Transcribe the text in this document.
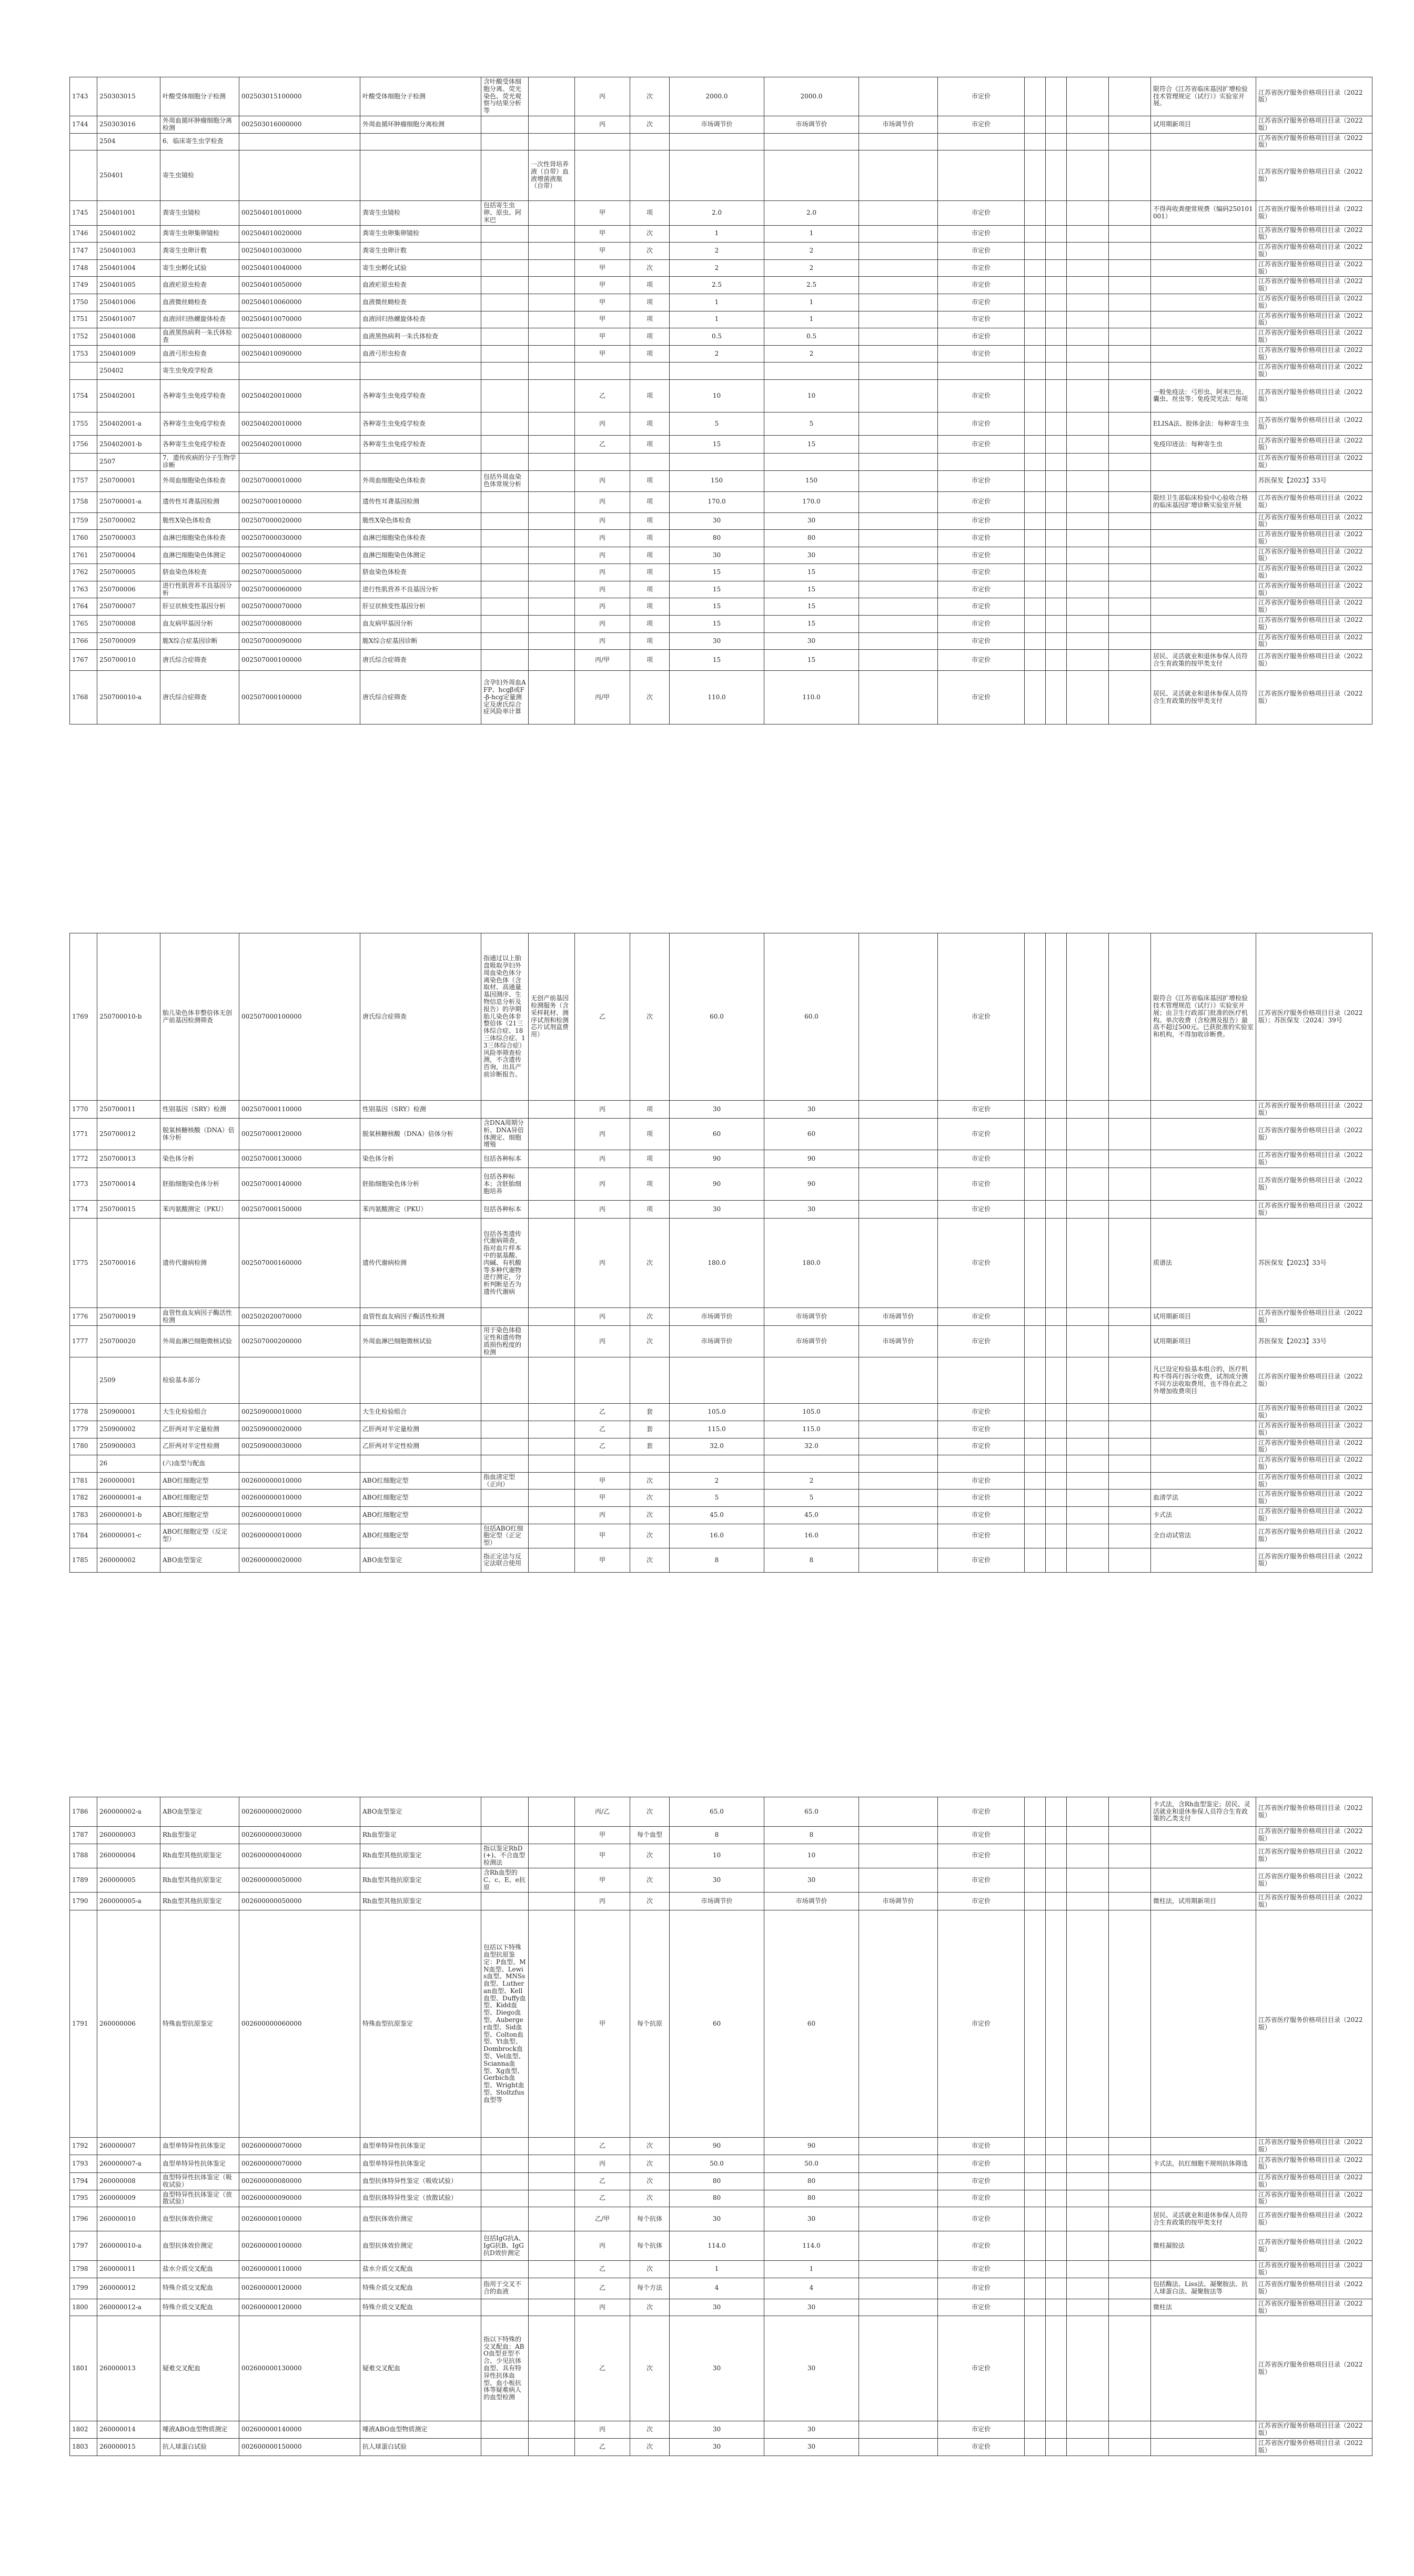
1743	250303015	叶酸受体细胞分子检测	002503015100000	叶酸受体细胞分子检测	含叶酸受体细胞分离、荧光染色、荧光观察与结果分析等		丙	次	2000.0	2000.0		市定价					限符合《江苏省临床基因扩增检验技术管理规定（试行）》实验室开展。	江苏省医疗服务价格项目目录（2022版）
1744	250303016	外周血循环肿瘤细胞分离检测	002503016000000	外周血循环肿瘤细胞分离检测			丙	次	市场调节价	市场调节价	市场调节价	市定价					试用期新项目	江苏省医疗服务价格项目目录（2022版）
	2504	6．临床寄生虫学检查																江苏省医疗服务价格项目目录（2022版）
	250401	寄生虫镜检				一次性肾培养液（自带）血液增菌液瓶（自带）												江苏省医疗服务价格项目目录（2022版）
1745	250401001	粪寄生虫镜检	002504010010000	粪寄生虫镜检	包括寄生虫卵、原虫、阿米巴		甲	项	2.0	2.0		市定价					不得再收粪便常规费（编码250101001）	江苏省医疗服务价格项目目录（2022版）
1746	250401002	粪寄生虫卵集卵镜检	002504010020000	粪寄生虫卵集卵镜检			甲	次	1	1		市定价						江苏省医疗服务价格项目目录（2022版）
1747	250401003	粪寄生虫卵计数	002504010030000	粪寄生虫卵计数			甲	次	2	2		市定价						江苏省医疗服务价格项目目录（2022版）
1748	250401004	寄生虫孵化试验	002504010040000	寄生虫孵化试验			甲	次	2	2		市定价						江苏省医疗服务价格项目目录（2022版）
1749	250401005	血液疟原虫检查	002504010050000	血液疟原虫检查			甲	项	2.5	2.5		市定价						江苏省医疗服务价格项目目录（2022版）
1750	250401006	血液微丝蚴检查	002504010060000	血液微丝蚴检查			甲	项	1	1		市定价						江苏省医疗服务价格项目目录（2022版）
1751	250401007	血液回归热螺旋体检查	002504010070000	血液回归热螺旋体检查			甲	项	1	1		市定价						江苏省医疗服务价格项目目录（2022版）
1752	250401008	血液黑热病利一朱氏体检查	002504010080000	血液黑热病利一朱氏体检查			甲	项	0.5	0.5		市定价						江苏省医疗服务价格项目目录（2022版）
1753	250401009	血液弓形虫检查	002504010090000	血液弓形虫检查			甲	项	2	2		市定价						江苏省医疗服务价格项目目录（2022版）
	250402	寄生虫免疫学检查																江苏省医疗服务价格项目目录（2022版）
1754	250402001	各种寄生虫免疫学检查	002504020010000	各种寄生虫免疫学检查			乙	项	10	10		市定价					一般免疫法：弓形虫、阿米巴虫、囊虫、丝虫等；免疫荧光法：每项	江苏省医疗服务价格项目目录（2022版）
1755	250402001-a	各种寄生虫免疫学检查	002504020010000	各种寄生虫免疫学检查			丙	项	5	5		市定价					ELISA法、胶体金法：每种寄生虫	江苏省医疗服务价格项目目录（2022版）
1756	250402001-b	各种寄生虫免疫学检查	002504020010000	各种寄生虫免疫学检查			乙	项	15	15		市定价					免疫印迹法：每种寄生虫	江苏省医疗服务价格项目目录（2022版）
	2507	7．遗传疾病的分子生物学诊断																江苏省医疗服务价格项目目录（2022版）
1757	250700001	外周血细胞染色体检查	002507000010000	外周血细胞染色体检查	包括外周血染色体常规分析		丙	项	150	150		市定价						苏医保发【2023】33号
1758	250700001-a	遗传性耳聋基因检测	002507000100000	遗传性耳聋基因检测			丙	项	170.0	170.0		市定价					限经卫生部临床检验中心验收合格的临床基因扩增诊断实验室开展	江苏省医疗服务价格项目目录（2022版）
1759	250700002	脆性X染色体检查	002507000020000	脆性X染色体检查			丙	项	30	30		市定价						江苏省医疗服务价格项目目录（2022版）
1760	250700003	血淋巴细胞染色体检查	002507000030000	血淋巴细胞染色体检查			丙	项	80	80		市定价						江苏省医疗服务价格项目目录（2022版）
1761	250700004	血淋巴细胞染色体测定	002507000040000	血淋巴细胞染色体测定			丙	项	30	30		市定价						江苏省医疗服务价格项目目录（2022版）
1762	250700005	脐血染色体检查	002507000050000	脐血染色体检查			丙	项	15	15		市定价						江苏省医疗服务价格项目目录（2022版）
1763	250700006	进行性肌营养不良基因分析	002507000060000	进行性肌营养不良基因分析			丙	项	15	15		市定价						江苏省医疗服务价格项目目录（2022版）
1764	250700007	肝豆状核变性基因分析	002507000070000	肝豆状核变性基因分析			丙	项	15	15		市定价						江苏省医疗服务价格项目目录（2022版）
1765	250700008	血友病甲基因分析	002507000080000	血友病甲基因分析			丙	项	15	15		市定价						江苏省医疗服务价格项目目录（2022版）
1766	250700009	脆X综合症基因诊断	002507000090000	脆X综合症基因诊断			丙	项	30	30		市定价						江苏省医疗服务价格项目目录（2022版）
1767	250700010	唐氏综合症筛查	002507000100000	唐氏综合症筛查			丙/甲	项	15	15		市定价					居民、灵活就业和退休参保人员符合生育政策的按甲类支付	江苏省医疗服务价格项目目录（2022版）
1768	250700010-a	唐氏综合症筛查	002507000100000	唐氏综合症筛查	含孕妇外周血AFP、hcgβ或F-β-hcg定量测定及唐氏综合症风险率计算		丙/甲	次	110.0	110.0		市定价					居民、灵活就业和退休参保人员符合生育政策的按甲类支付	江苏省医疗服务价格项目目录（2022版）
1769	250700010-b	胎儿染色体非整倍体无创产前基因检测筛查	002507000100000	唐氏综合症筛查	指通过以上胎盘吸取孕妇外周血染色体分离染色体（含取材、高通量基因测序、生物信息分析及报告）的孕期胎儿染色体非整倍体（21三体综合症、18三体综合症、13三体综合症）风险率筛查检测，不含遗传咨询，出具产前诊断报告。	无创产前基因检测服务（含采样耗材、测序试剂和检测芯片试剂盒费用）	乙	次	60.0	60.0		市定价					限符合《江苏省临床基因扩增检验技术管理规范（试行）》实验室开展；由卫生行政部门批准的医疗机构。单次收费（含检测及报告）最高不超过500元。已获批准的实验室和机构，不得加收诊断费。	江苏省医疗服务价格项目目录（2022版）；苏医保发〔2024〕39号
1770	250700011	性别基因（SRY）检测	002507000110000	性别基因（SRY）检测			丙	项	30	30		市定价						江苏省医疗服务价格项目目录（2022版）
1771	250700012	脱氧核糖核酸（DNA）倍体分析	002507000120000	脱氧核糖核酸（DNA）倍体分析	含DNA周期分析、DNA异倍体测定、细胞增殖		丙	项	60	60		市定价						江苏省医疗服务价格项目目录（2022版）
1772	250700013	染色体分析	002507000130000	染色体分析	包括各种标本		丙	项	90	90		市定价						江苏省医疗服务价格项目目录（2022版）
1773	250700014	胚胎细胞染色体分析	002507000140000	胚胎细胞染色体分析	包括各种标本；含胚胎细胞培养		丙	项	90	90		市定价						江苏省医疗服务价格项目目录（2022版）
1774	250700015	苯丙氨酸测定（PKU）	002507000150000	苯丙氨酸测定（PKU）	包括各种标本		丙	项	30	30		市定价						江苏省医疗服务价格项目目录（2022版）
1775	250700016	遗传代谢病检测	002507000160000	遗传代谢病检测	包括各类遗传代谢病筛查，指对血片样本中的氨基酸、肉碱、有机酸等多种代谢物进行测定，分析判断是否为遗传代谢病		丙	次	180.0	180.0		市定价					质谱法	苏医保发【2023】33号
1776	250700019	血管性血友病因子酶活性检测	002502020070000	血管性血友病因子酶活性检测			丙	次	市场调节价	市场调节价	市场调节价	市定价					试用期新项目	江苏省医疗服务价格项目目录（2022版）
1777	250700020	外周血淋巴细胞微核试验	002507000200000	外周血淋巴细胞微核试验	用于染色体稳定性和遗传物质损伤程度的检测		丙	次	市场调节价	市场调节价	市场调节价	市定价					试用期新项目	苏医保发【2023】33号
	2509	检验基本部分															凡已设定检验基本组合的，医疗机构不得再行拆分收费，试剂成分测不同方法收取费用，也不得在此之外增加收费项目	江苏省医疗服务价格项目目录（2022版）
1778	250900001	大生化检验组合	002509000010000	大生化检验组合			乙	套	105.0	105.0		市定价						江苏省医疗服务价格项目目录（2022版）
1779	250900002	乙肝两对半定量检测	002509000020000	乙肝两对半定量检测			乙	套	115.0	115.0		市定价						江苏省医疗服务价格项目目录（2022版）
1780	250900003	乙肝两对半定性检测	002509000030000	乙肝两对半定性检测			乙	套	32.0	32.0		市定价						江苏省医疗服务价格项目目录（2022版）
	26	(六)血型与配血																江苏省医疗服务价格项目目录（2022版）
1781	260000001	ABO红细胞定型	002600000010000	ABO红细胞定型	指血清定型（正向）		甲	次	2	2		市定价						江苏省医疗服务价格项目目录（2022版）
1782	260000001-a	ABO红细胞定型	002600000010000	ABO红细胞定型			甲	次	5	5		市定价					血清学法	江苏省医疗服务价格项目目录（2022版）
1783	260000001-b	ABO红细胞定型	002600000010000	ABO红细胞定型			丙	次	45.0	45.0		市定价					卡式法	江苏省医疗服务价格项目目录（2022版）
1784	260000001-c	ABO红细胞定型（反定型）	002600000010000	ABO红细胞定型	包括ABO红细胞定型（正定型）		甲	次	16.0	16.0		市定价					全自动试管法	江苏省医疗服务价格项目目录（2022版）
1785	260000002	ABO血型鉴定	002600000020000	ABO血型鉴定	指正定法与反定法联合使用		甲	次	8	8		市定价						江苏省医疗服务价格项目目录（2022版）
1786	260000002-a	ABO血型鉴定	002600000020000	ABO血型鉴定			丙/乙	次	65.0	65.0		市定价					卡式法，含Rh血型鉴定；居民、灵活就业和退休参保人员符合生育政策的乙类支付	江苏省医疗服务价格项目目录（2022版）
1787	260000003	Rh血型鉴定	002600000030000	Rh血型鉴定			甲	每个血型	8	8		市定价						江苏省医疗服务价格项目目录（2022版）
1788	260000004	Rh血型其他抗原鉴定	002600000040000	Rh血型其他抗原鉴定	指以鉴定RhD(+)、不合血型检测法		甲	次	10	10		市定价						江苏省医疗服务价格项目目录（2022版）
1789	260000005	Rh血型其他抗原鉴定	002600000050000	Rh血型其他抗原鉴定	含Rh血型的C、c、E、e抗原		甲	次	30	30		市定价						江苏省医疗服务价格项目目录（2022版）
1790	260000005-a	Rh血型其他抗原鉴定	002600000050000	Rh血型其他抗原鉴定			丙	次	市场调节价	市场调节价	市场调节价	市定价					微柱法，试用期新项目	江苏省医疗服务价格项目目录（2022版）
1791	260000006	特殊血型抗原鉴定	002600000060000	特殊血型抗原鉴定	包括以下特殊血型抗原鉴定：P血型、MN血型、Lewis血型、MNSs血型、Lutheran血型、Kell血型、Duffy血型、Kidd血型、Diego血型、Auberger血型、Sid血型、Colton血型、Yt血型、Dombrock血型、Vel血型、Scianna血型、Xg血型、Gerbich血型、Wright血型、Stoltzfus血型等		甲	每个抗原	60	60		市定价						江苏省医疗服务价格项目目录（2022版）
1792	260000007	血型单特异性抗体鉴定	002600000070000	血型单特异性抗体鉴定			乙	次	90	90		市定价						江苏省医疗服务价格项目目录（2022版）
1793	260000007-a	血型单特异性抗体鉴定	002600000070000	血型单特异性抗体鉴定			丙	次	50.0	50.0		市定价					卡式法，抗红细胞不规则抗体筛选	江苏省医疗服务价格项目目录（2022版）
1794	260000008	血型特异性抗体鉴定（吸收试验）	002600000080000	血型抗体特异性鉴定（吸收试验）			乙	次	80	80		市定价						江苏省医疗服务价格项目目录（2022版）
1795	260000009	血型特异性抗体鉴定（放散试验）	002600000090000	血型抗体特异性鉴定（放散试验）			乙	次	80	80		市定价						江苏省医疗服务价格项目目录（2022版）
1796	260000010	血型抗体效价测定	002600000100000	血型抗体效价测定			乙/甲	每个抗体	30	30		市定价					居民、灵活就业和退休参保人员符合生育政策的按甲类支付	江苏省医疗服务价格项目目录（2022版）
1797	260000010-a	血型抗体效价测定	002600000100000	血型抗体效价测定	包括IgG抗A、IgG抗B、IgG抗D效价测定		丙	每个抗体	114.0	114.0		市定价					微柱凝胶法	江苏省医疗服务价格项目目录（2022版）
1798	260000011	盐水介质交叉配血	002600000110000	盐水介质交叉配血			乙	次	1	1		市定价						江苏省医疗服务价格项目目录（2022版）
1799	260000012	特殊介质交叉配血	002600000120000	特殊介质交叉配血	指用于交叉不合的血液		乙	每个方法	4	4		市定价					包括酶法、Liss法、凝聚胺法、抗人球蛋白法、凝聚胺法等	江苏省医疗服务价格项目目录（2022版）
1800	260000012-a	特殊介质交叉配血	002600000120000	特殊介质交叉配血			丙	次	30	30		市定价					微柱法	江苏省医疗服务价格项目目录（2022版）
1801	260000013	疑难交叉配血	002600000130000	疑难交叉配血	指以下特殊的交叉配血：ABO血型亚型不合、少见抗体血型、具有特异性抗体血型、血小板抗体等疑难病人的血型检测		乙	次	30	30		市定价						江苏省医疗服务价格项目目录（2022版）
1802	260000014	唾液ABO血型物质测定	002600000140000	唾液ABO血型物质测定			丙	次	30	30		市定价						江苏省医疗服务价格项目目录（2022版）
1803	260000015	抗人球蛋白试验	002600000150000	抗人球蛋白试验			乙	次	30	30		市定价						江苏省医疗服务价格项目目录（2022版）
